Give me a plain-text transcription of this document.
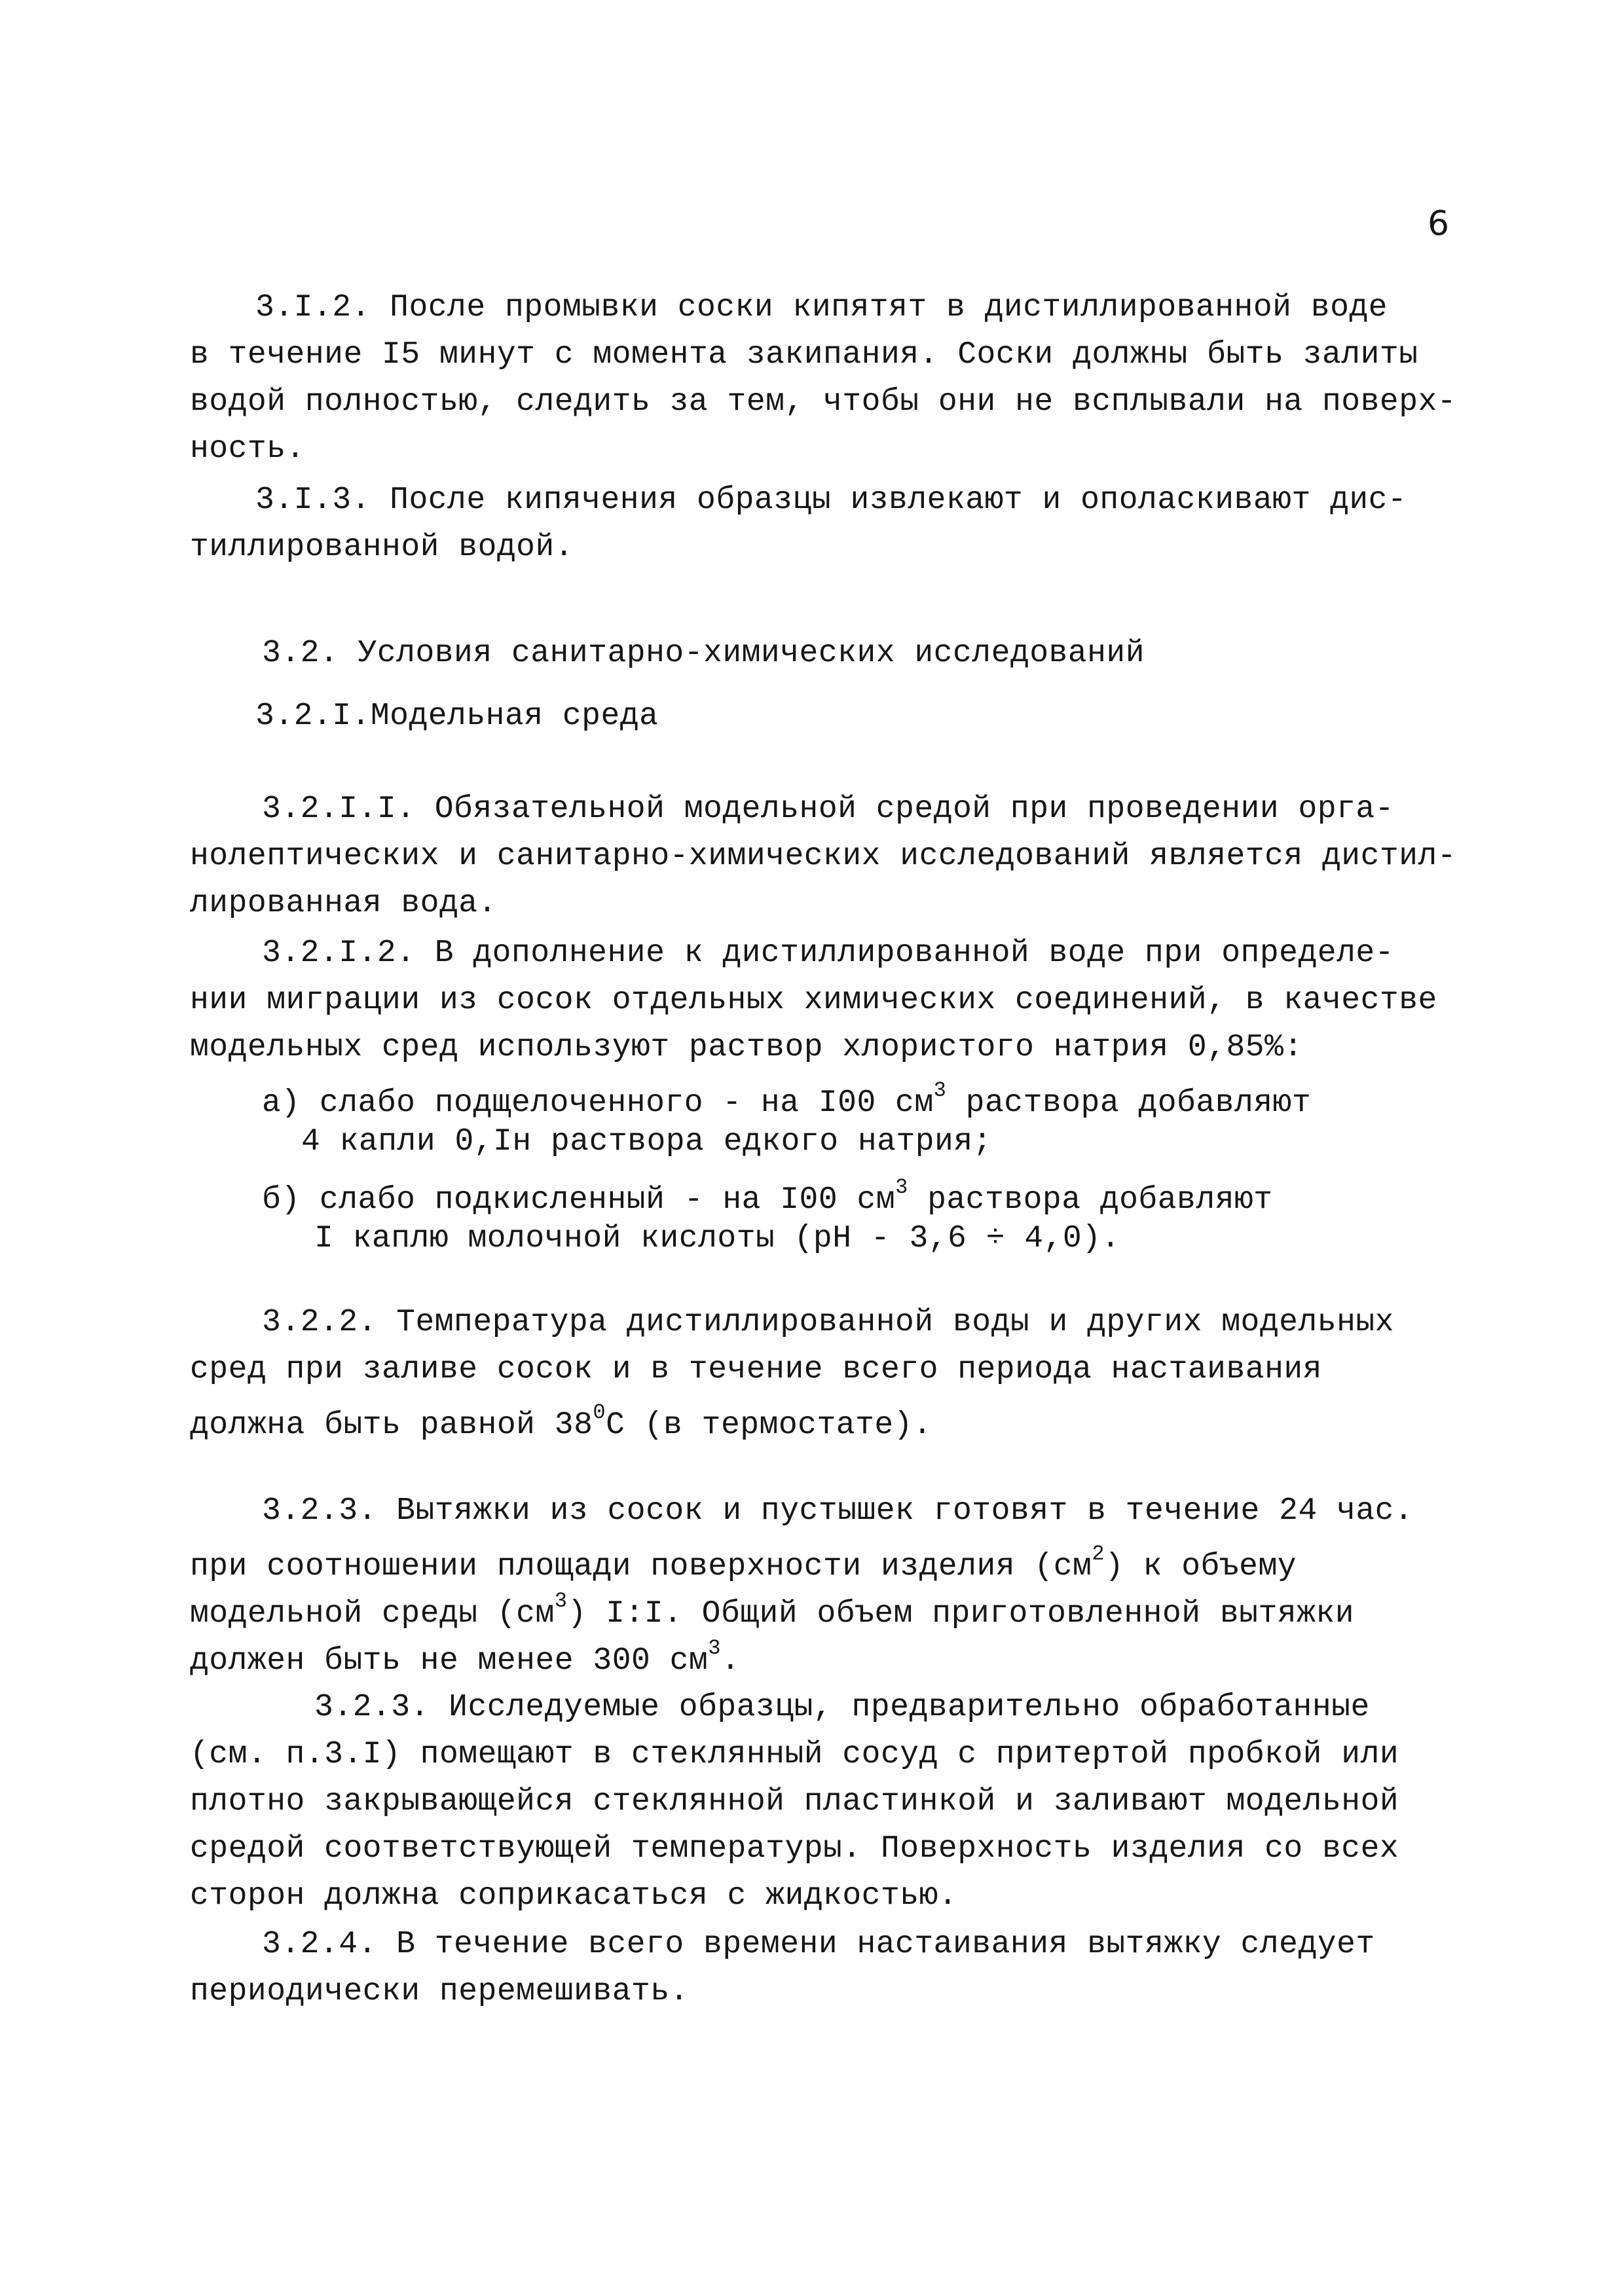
6
3.I.2. После промывки соски кипятят в дистиллированной воде
в течение I5 минут с момента закипания. Соски должны быть залиты
водой полностью, следить за тем, чтобы они не всплывали на поверх-
ность.
3.I.3. После кипячения образцы извлекают и ополаскивают дис-
тиллированной водой.
3.2. Условия санитарно-химических исследований
3.2.I.Модельная среда
3.2.I.I. Обязательной модельной средой при проведении орга-
нолептических и санитарно-химических исследований является дистил-
лированная вода.
3.2.I.2. В дополнение к дистиллированной воде при определе-
нии миграции из сосок отдельных химических соединений, в качестве
модельных сред используют раствор хлористого натрия 0,85%:
а) слабо подщелоченного - на I00 $см^3$ раствора добавляют
4 капли 0,Iн раствора едкого натрия;
б) слабо подкисленный - на I00 $см^3$ раствора добавляют
I каплю молочной кислоты (рН - 3,6 ÷ 4,0).
3.2.2. Температура дистиллированной воды и других модельных
сред при заливе сосок и в течение всего периода настаивания
должна быть равной $38^0С$ (в термостате).
3.2.3. Вытяжки из сосок и пустышек готовят в течение 24 час.
при соотношении площади поверхности изделия $(см^2)$ к объему
модельной среды $(см^3)$ I:I. Общий объем приготовленной вытяжки
должен быть не менее 300 $см^3$.
3.2.3. Исследуемые образцы, предварительно обработанные
(см. п.3.I) помещают в стеклянный сосуд с притертой пробкой или
плотно закрывающейся стеклянной пластинкой и заливают модельной
средой соответствующей температуры. Поверхность изделия со всех
сторон должна соприкасаться с жидкостью.
3.2.4. В течение всего времени настаивания вытяжку следует
периодически перемешивать.
